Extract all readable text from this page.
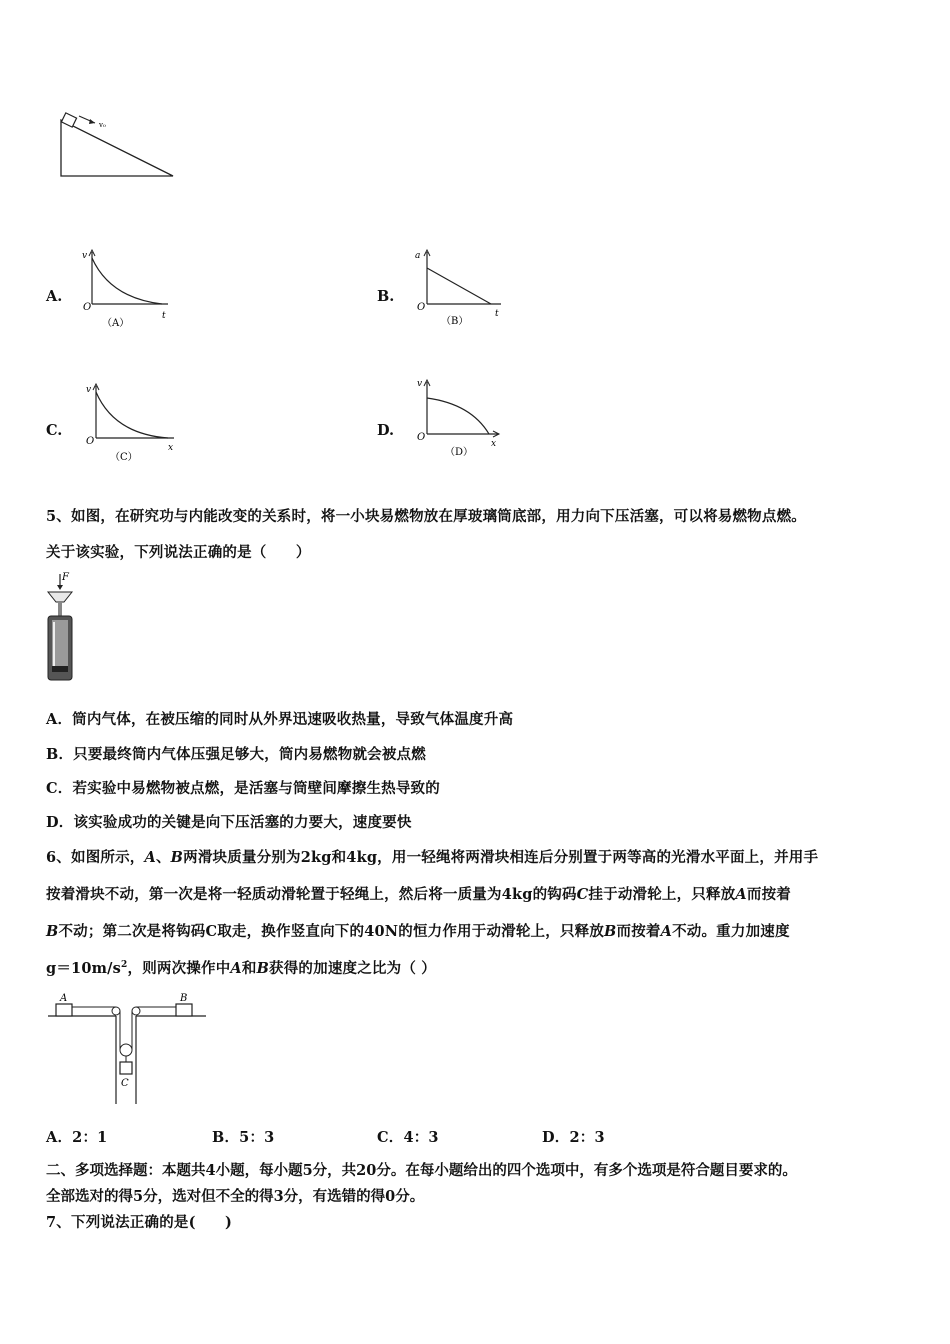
v₀
A.
v
O
t
（A）
B.
a
O
t
（B）
C.
v
O
x
（C）
D.
v
O
x
（D）
5、如图，在研究功与内能改变的关系时，将一小块易燃物放在厚玻璃筒底部，用力向下压活塞，可以将易燃物点燃。
关于该实验，下列说法正确的是（　　）
F
A．筒内气体，在被压缩的同时从外界迅速吸收热量，导致气体温度升高
B．只要最终筒内气体压强足够大，筒内易燃物就会被点燃
C．若实验中易燃物被点燃，是活塞与筒壁间摩擦生热导致的
D．该实验成功的关键是向下压活塞的力要大，速度要快
6、如图所示，A、B两滑块质量分别为2kg和4kg，用一轻绳将两滑块相连后分别置于两等高的光滑水平面上，并用手
按着滑块不动，第一次是将一轻质动滑轮置于轻绳上，然后将一质量为4kg的钩码C挂于动滑轮上，只释放A而按着
B不动；第二次是将钩码C取走，换作竖直向下的40N的恒力作用于动滑轮上，只释放B而按着A不动。重力加速度
$g=10m/s^2$，则两次操作中A和B获得的加速度之比为（ ）
A	B
C
A．2：1	B．5：3	C．4：3	D．2：3
二、多项选择题：本题共4小题，每小题5分，共20分。在每小题给出的四个选项中，有多个选项是符合题目要求的。
全部选对的得5分，选对但不全的得3分，有选错的得0分。
7、下列说法正确的是(　　)
